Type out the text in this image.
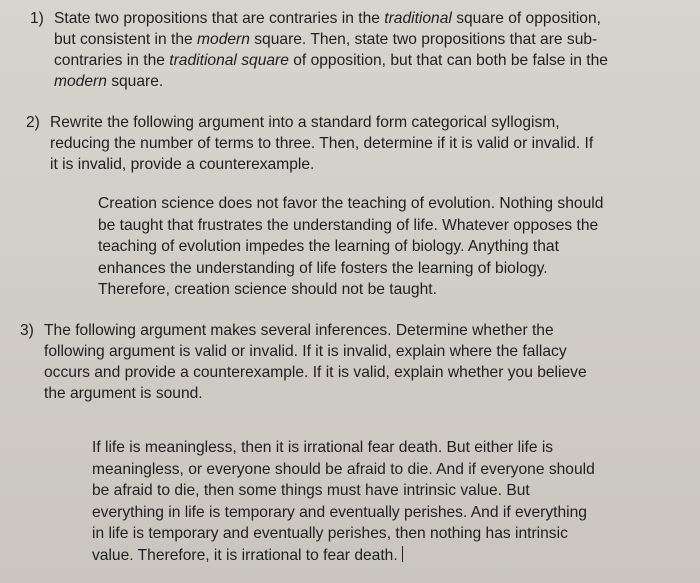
1) State two propositions that are contraries in the traditional square of opposition,
but consistent in the modern square. Then, state two propositions that are sub-
contraries in the traditional square of opposition, but that can both be false in the
modern square.
2) Rewrite the following argument into a standard form categorical syllogism,
reducing the number of terms to three. Then, determine if it is valid or invalid. If
it is invalid, provide a counterexample.
Creation science does not favor the teaching of evolution. Nothing should
be taught that frustrates the understanding of life. Whatever opposes the
teaching of evolution impedes the learning of biology. Anything that
enhances the understanding of life fosters the learning of biology.
Therefore, creation science should not be taught.
3) The following argument makes several inferences. Determine whether the
following argument is valid or invalid. If it is invalid, explain where the fallacy
occurs and provide a counterexample. If it is valid, explain whether you believe
the argument is sound.
If life is meaningless, then it is irrational fear death. But either life is
meaningless, or everyone should be afraid to die. And if everyone should
be afraid to die, then some things must have intrinsic value. But
everything in life is temporary and eventually perishes. And if everything
in life is temporary and eventually perishes, then nothing has intrinsic
value. Therefore, it is irrational to fear death.
